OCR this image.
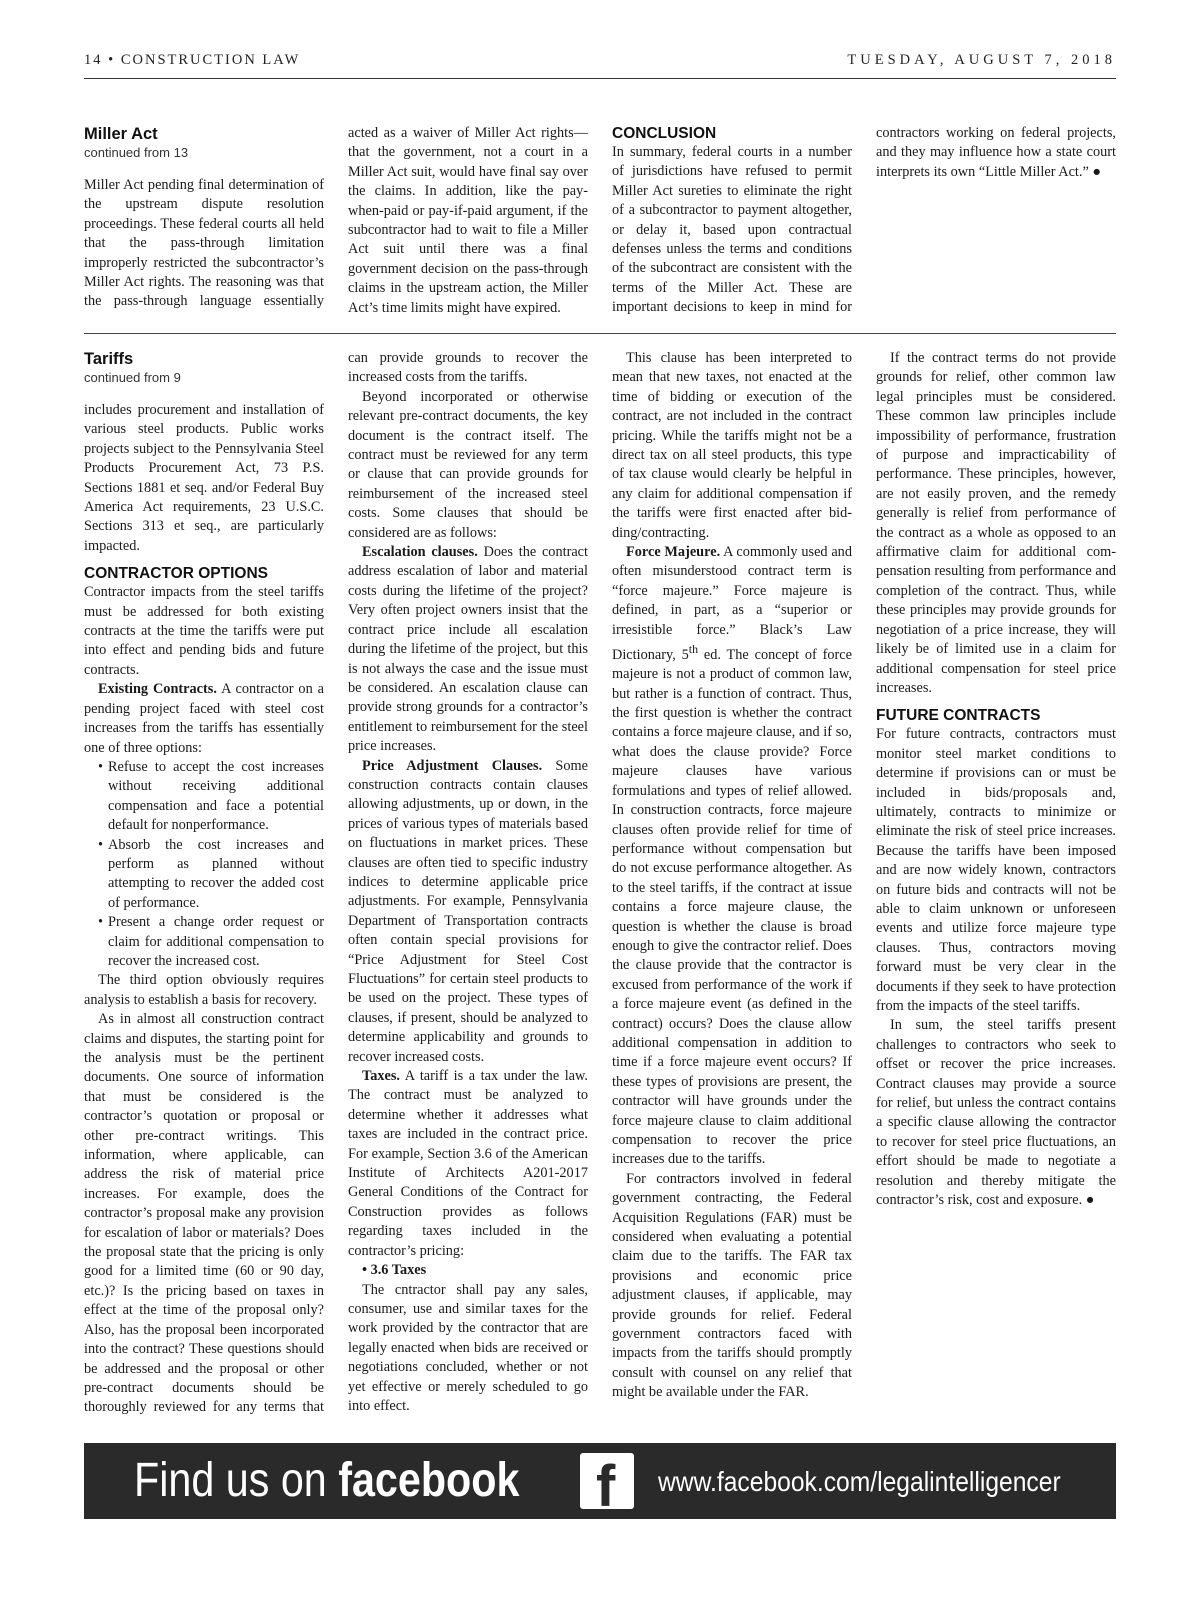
14 • CONSTRUCTION LAW	TUESDAY, AUGUST 7, 2018
Miller Act
continued from 13

Miller Act pending final determination of the upstream dispute resolution proceedings. These federal courts all held that the pass-through limitation improperly restricted the subcontractor’s Miller Act rights. The reasoning was that the pass-through language essentially acted as a waiver of Miller Act rights—that the government, not a court in a Miller Act suit, would have final say over the claims. In addition, like the pay-when-paid or pay-if-paid argument, if the subcontractor had to wait to file a Miller Act suit until there was a final government decision on the pass-through claims in the upstream action, the Miller Act’s time limits might have expired.

CONCLUSION

In summary, federal courts in a number of jurisdictions have refused to permit Miller Act sureties to eliminate the right of a subcontractor to payment altogether, or delay it, based upon contractual defenses unless the terms and conditions of the subcontract are consistent with the terms of the Miller Act. These are important decisions to keep in mind for contractors working on federal projects, and they may influence how a state court interprets its own “Little Miller Act.” ●

Tariffs
continued from 9

includes procurement and installation of various steel products. Public works projects subject to the Pennsylvania Steel Products Procurement Act, 73 P.S. Sections 1881 et seq. and/or Federal Buy America Act requirements, 23 U.S.C. Sections 313 et seq., are particularly impacted.

CONTRACTOR OPTIONS

Contractor impacts from the steel tariffs must be addressed for both existing contracts at the time the tariffs were put into effect and pending bids and future contracts.

Existing Contracts. A contractor on a pending project faced with steel cost increases from the tariffs has essentially one of three options:

• Refuse to accept the cost increases without receiving additional compensation and face a potential default for nonperformance.
• Absorb the cost increases and perform as planned without attempting to recover the added cost of performance.
• Present a change order request or claim for additional compensation to recover the increased cost.

The third option obviously requires analysis to establish a basis for recovery.

As in almost all construction contract claims and disputes, the starting point for the analysis must be the pertinent documents. One source of information that must be considered is the contractor’s quotation or proposal or other pre-contract writings. This information, where applicable, can address the risk of material price increases. For example, does the contractor’s proposal make any provision for escalation of labor or materials? Does the proposal state that the pricing is only good for a limited time (60 or 90 day, etc.)? Is the pricing based on taxes in effect at the time of the proposal only? Also, has the proposal been incorporated into the contract? These questions should be addressed and the proposal or other pre-contract documents should be thoroughly reviewed for any terms that can provide grounds to recover the increased costs from the tariffs.

Beyond incorporated or otherwise relevant pre-contract documents, the key document is the contract itself. The contract must be reviewed for any term or clause that can provide grounds for reimbursement of the increased steel costs. Some clauses that should be considered are as follows:

Escalation clauses. Does the contract address escalation of labor and material costs during the lifetime of the project? Very often project owners insist that the contract price include all escalation during the lifetime of the project, but this is not always the case and the issue must be considered. An escalation clause can provide strong grounds for a contractor’s entitlement to reimbursement for the steel price increases.

Price Adjustment Clauses. Some construction contracts contain clauses allowing adjustments, up or down, in the prices of various types of materials based on fluctuations in market prices. These clauses are often tied to specific industry indices to determine applicable price adjustments. For example, Pennsylvania Department of Transportation contracts often contain special provisions for “Price Adjustment for Steel Cost Fluctuations” for certain steel products to be used on the project. These types of clauses, if present, should be analyzed to determine applicability and grounds to recover increased costs.

Taxes. A tariff is a tax under the law. The contract must be analyzed to determine whether it addresses what taxes are included in the contract price. For example, Section 3.6 of the American Institute of Architects A201-2017 General Conditions of the Contract for Construction provides as follows regarding taxes included in the contractor’s pricing:

• 3.6 Taxes

The cntractor shall pay any sales, consumer, use and similar taxes for the work provided by the contractor that are legally enacted when bids are received or negotiations concluded, whether or not yet effective or merely scheduled to go into effect.

This clause has been interpreted to mean that new taxes, not enacted at the time of bidding or execution of the contract, are not included in the contract pricing. While the tariffs might not be a direct tax on all steel products, this type of tax clause would clearly be helpful in any claim for additional compensation if the tariffs were first enacted after bidding/contracting.

Force Majeure. A commonly used and often misunderstood contract term is “force majeure.” Force majeure is defined, in part, as a “superior or irresistible force.” Black’s Law Dictionary, 5th ed. The concept of force majeure is not a product of common law, but rather is a function of contract. Thus, the first question is whether the contract contains a force majeure clause, and if so, what does the clause provide? Force majeure clauses have various formulations and types of relief allowed. In construction contracts, force majeure clauses often provide relief for time of performance without compensation but do not excuse performance altogether. As to the steel tariffs, if the contract at issue contains a force majeure clause, the question is whether the clause is broad enough to give the contractor relief. Does the clause provide that the contractor is excused from performance of the work if a force majeure event (as defined in the contract) occurs? Does the clause allow additional compensation in addition to time if a force majeure event occurs? If these types of provisions are present, the contractor will have grounds under the force majeure clause to claim additional compensation to recover the price increases due to the tariffs.

For contractors involved in federal government contracting, the Federal Acquisition Regulations (FAR) must be considered when evaluating a potential claim due to the tariffs. The FAR tax provisions and economic price adjustment clauses, if applicable, may provide grounds for relief. Federal government contractors faced with impacts from the tariffs should promptly consult with counsel on any relief that might be available under the FAR.

If the contract terms do not provide grounds for relief, other common law legal principles must be considered. These common law principles include impossibility of performance, frustration of purpose and impracticability of performance. These principles, however, are not easily proven, and the remedy generally is relief from performance of the contract as a whole as opposed to an affirmative claim for additional compensation resulting from performance and completion of the contract. Thus, while these principles may provide grounds for negotiation of a price increase, they will likely be of limited use in a claim for additional compensation for steel price increases.

FUTURE CONTRACTS

For future contracts, contractors must monitor steel market conditions to determine if provisions can or must be included in bids/proposals and, ultimately, contracts to minimize or eliminate the risk of steel price increases. Because the tariffs have been imposed and are now widely known, contractors on future bids and contracts will not be able to claim unknown or unforeseen events and utilize force majeure type clauses. Thus, contractors moving forward must be very clear in the documents if they seek to have protection from the impacts of the steel tariffs.

In sum, the steel tariffs present challenges to contractors who seek to offset or recover the price increases. Contract clauses may provide a source for relief, but unless the contract contains a specific clause allowing the contractor to recover for steel price fluctuations, an effort should be made to negotiate a resolution and thereby mitigate the contractor’s risk, cost and exposure. ●

Find us on facebook f www.facebook.com/legalintelligencer
